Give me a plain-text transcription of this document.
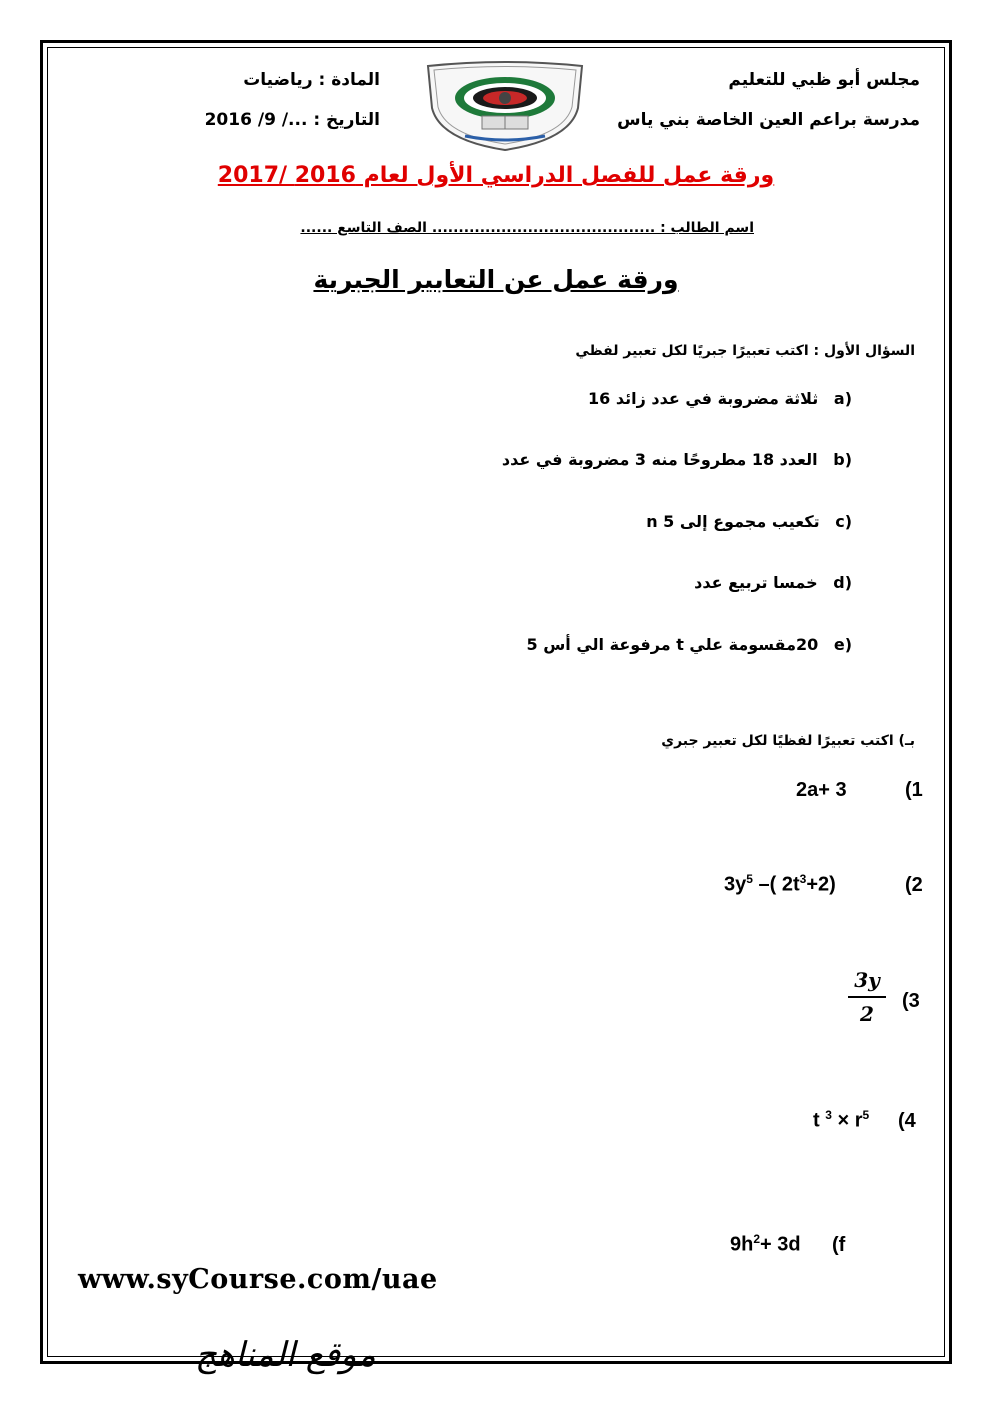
مجلس أبو ظبي للتعليم
مدرسة براعم العين الخاصة بني ياس
المادة : رياضيات
التاريخ : .../ 9/ 2016
ورقة عمل للفصل الدراسي الأول لعام 2016 /2017
اسم الطالب : .......................................... الصف التاسع ......
ورقة عمل عن التعابير الجبرية
السؤال الأول : اكتب تعبيرًا جبريًا لكل تعبير لفظي
ثلاثة مضروبة في عدد زائد 16 a)
العدد 18 مطروحًا منه 3 مضروبة في عدد b)
n تكعيب مجموع إلى 5 c)
خمسا تربيع عدد d)
20مقسومة علي t مرفوعة الي أس 5 e)
بـ) اكتب تعبيرًا لفظيًا لكل تعبير جبري
2a+ 3	(1
$3y^5$ –( $2t^3+2$)	(2
$\frac{3y}{2} (3$
t $^3 \times r^5$ (4
$9h^2+ 3d$ (f
www.syCourse.com/uae
موقع المناهج
